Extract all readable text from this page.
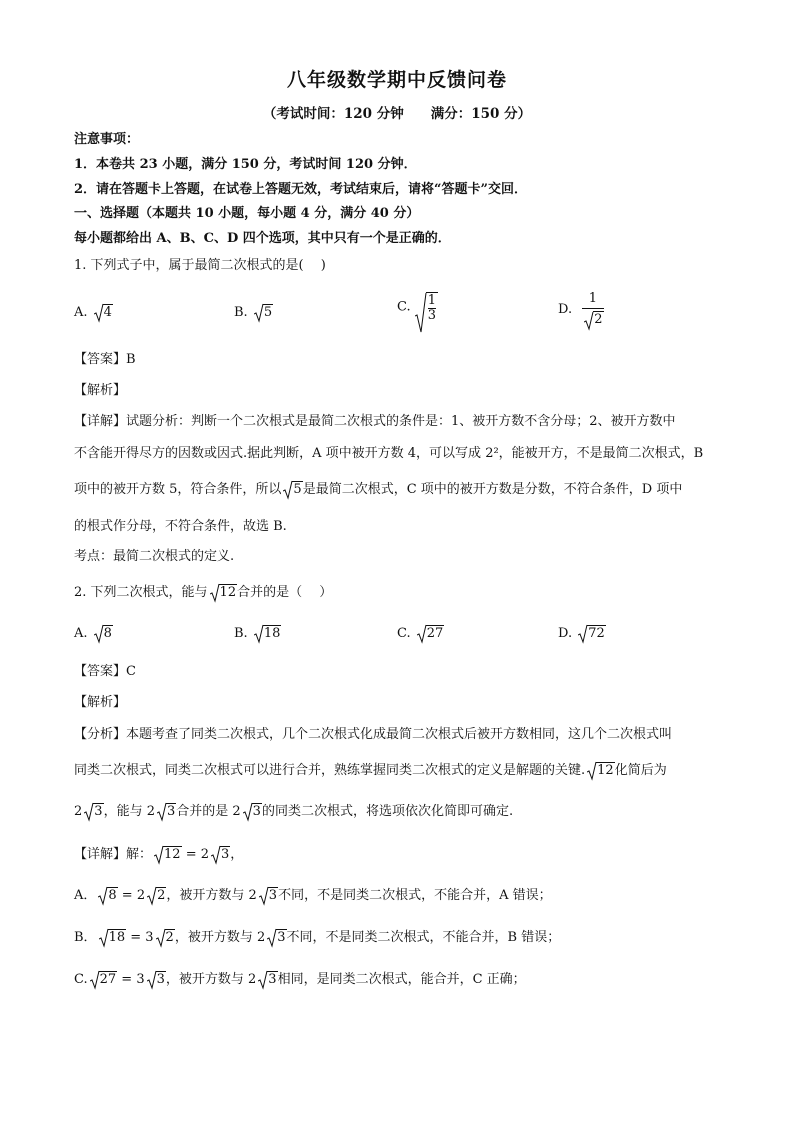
八年级数学期中反馈问卷
（考试时间：120 分钟　　满分：150 分）
注意事项：
1．本卷共 23 小题，满分 150 分，考试时间 120 分钟．
2．请在答题卡上答题，在试卷上答题无效，考试结束后，请将“答题卡”交回．
一、选择题（本题共 10 小题，每小题 4 分，满分 40 分）
每小题都给出 A、B、C、D 四个选项，其中只有一个是正确的．
1. 下列式子中，属于最简二次根式的是(　 )
A. 4	B. 5	C. $\frac{1}{3}$	D. $\frac{1}{2}$
【答案】B
【解析】
【详解】试题分析：判断一个二次根式是最简二次根式的条件是：1、被开方数不含分母；2、被开方数中
不含能开得尽方的因数或因式.据此判断，A 项中被开方数 4，可以写成 2²，能被开方，不是最简二次根式，B
项中的被开方数 5，符合条件，所以 5是最简二次根式，C 项中的被开方数是分数，不符合条件，D 项中
的根式作分母，不符合条件，故选 B.
考点：最简二次根式的定义.
2. 下列二次根式，能与 12合并的是（　 ）
A. 8	B. 18	C. 27	D. 72
【答案】C
【解析】
【分析】本题考查了同类二次根式，几个二次根式化成最简二次根式后被开方数相同，这几个二次根式叫
同类二次根式，同类二次根式可以进行合并，熟练掌握同类二次根式的定义是解题的关键. 12化简后为
2 3，能与 2 3合并的是 2 3的同类二次根式，将选项依次化简即可确定.
【详解】解： 12 = 2 3，
A． 8 = 2 2，被开方数与 2 3不同，不是同类二次根式，不能合并，A 错误；
B． 18 = 3 2，被开方数与 2 3不同，不是同类二次根式，不能合并，B 错误；
C. 27 = 3 3，被开方数与 2 3相同，是同类二次根式，能合并，C 正确；
